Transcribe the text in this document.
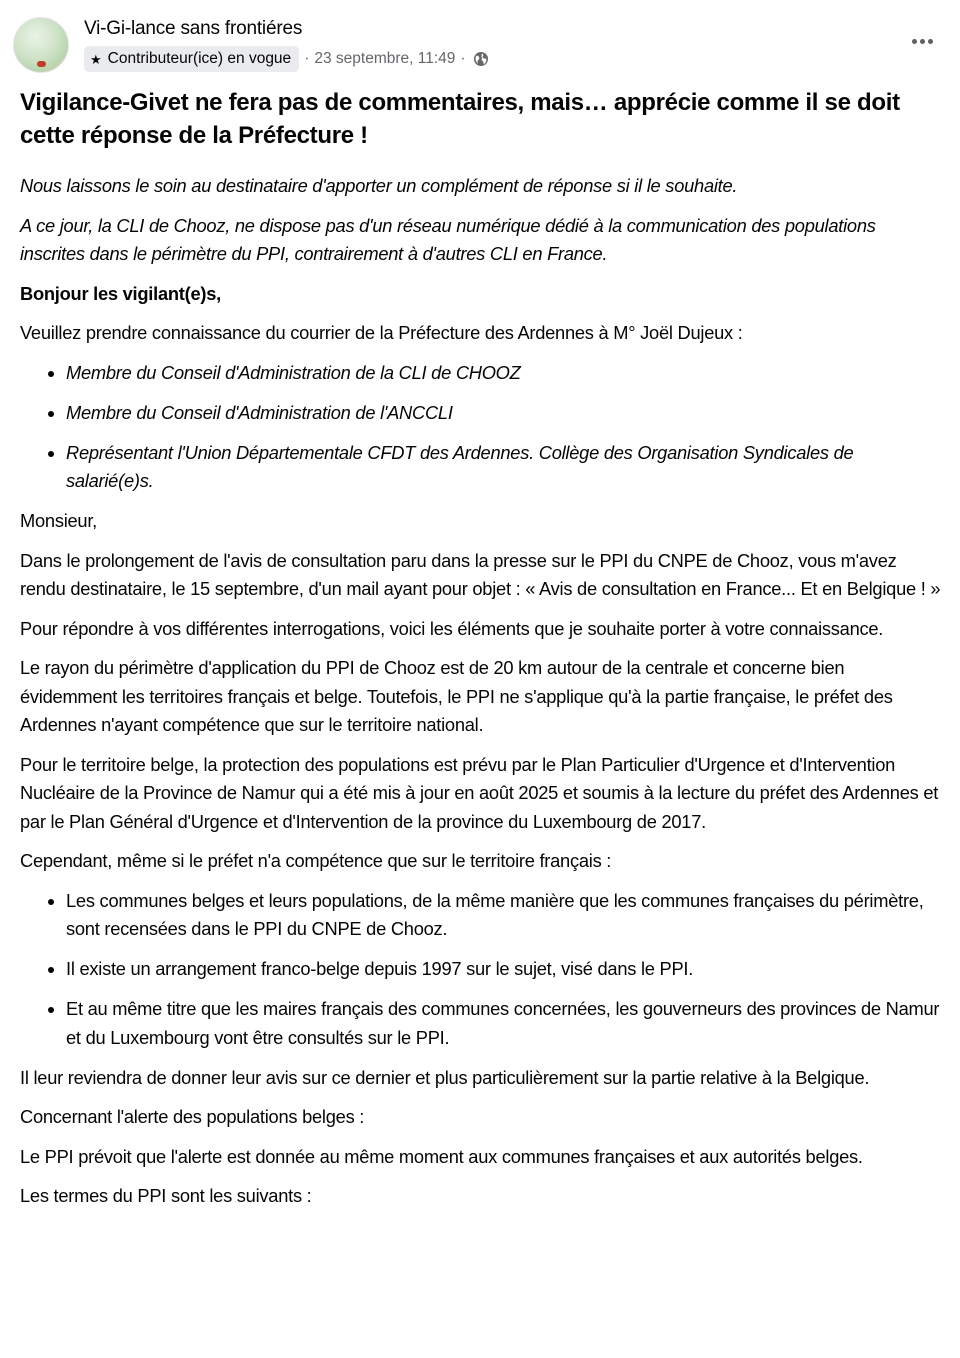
Vi-Gi-lance sans frontiéres
★ Contributeur(ice) en vogue · 23 septembre, 11:49 ·
Vigilance-Givet ne fera pas de commentaires, mais… apprécie comme il se doit cette réponse de la Préfecture !

Nous laissons le soin au destinataire d'apporter un complément de réponse si il le souhaite.

A ce jour, la CLI de Chooz, ne dispose pas d'un réseau numérique dédié à la communication des populations inscrites dans le périmètre du PPI, contrairement à d'autres CLI en France.

Bonjour les vigilant(e)s,

Veuillez prendre connaissance du courrier de la Préfecture des Ardennes à M° Joël Dujeux :

Membre du Conseil d'Administration de la CLI de CHOOZ
Membre du Conseil d'Administration de l'ANCCLI
Représentant l'Union Départementale CFDT des Ardennes. Collège des Organisation Syndicales de salarié(e)s.

Monsieur,

Dans le prolongement de l'avis de consultation paru dans la presse sur le PPI du CNPE de Chooz, vous m'avez rendu destinataire, le 15 septembre, d'un mail ayant pour objet : « Avis de consultation en France... Et en Belgique ! »

Pour répondre à vos différentes interrogations, voici les éléments que je souhaite porter à votre connaissance.

Le rayon du périmètre d'application du PPI de Chooz est de 20 km autour de la centrale et concerne bien évidemment les territoires français et belge. Toutefois, le PPI ne s'applique qu'à la partie française, le préfet des Ardennes n'ayant compétence que sur le territoire national.

Pour le territoire belge, la protection des populations est prévu par le Plan Particulier d'Urgence et d'Intervention Nucléaire de la Province de Namur qui a été mis à jour en août 2025 et soumis à la lecture du préfet des Ardennes et par le Plan Général d'Urgence et d'Intervention de la province du Luxembourg de 2017.

Cependant, même si le préfet n'a compétence que sur le territoire français :

Les communes belges et leurs populations, de la même manière que les communes françaises du périmètre, sont recensées dans le PPI du CNPE de Chooz.
Il existe un arrangement franco-belge depuis 1997 sur le sujet, visé dans le PPI.
Et au même titre que les maires français des communes concernées, les gouverneurs des provinces de Namur et du Luxembourg vont être consultés sur le PPI.

Il leur reviendra de donner leur avis sur ce dernier et plus particulièrement sur la partie relative à la Belgique.

Concernant l'alerte des populations belges :

Le PPI prévoit que l'alerte est donnée au même moment aux communes françaises et aux autorités belges.

Les termes du PPI sont les suivants :
